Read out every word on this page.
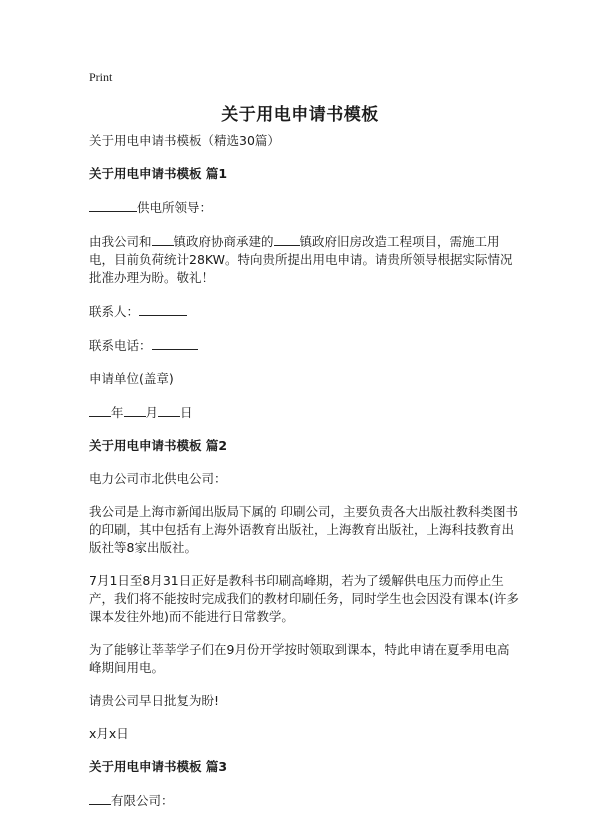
Print
关于用电申请书模板

关于用电申请书模板（精选30篇）

关于用电申请书模板 篇1

供电所领导：

由我公司和 镇政府协商承建的 镇政府旧房改造工程项目，需施工用电，目前负荷统计28KW。特向贵所提出用电申请。请贵所领导根据实际情况批准办理为盼。敬礼！

联系人：

联系电话：

申请单位(盖章)

年 月 日

关于用电申请书模板 篇2

电力公司市北供电公司：

我公司是上海市新闻出版局下属的 印刷公司，主要负责各大出版社教科类图书的印刷，其中包括有上海外语教育出版社，上海教育出版社，上海科技教育出版社等8家出版社。

7月1日至8月31日正好是教科书印刷高峰期，若为了缓解供电压力而停止生产，我们将不能按时完成我们的教材印刷任务，同时学生也会因没有课本(许多课本发往外地)而不能进行日常教学。

为了能够让莘莘学子们在9月份开学按时领取到课本，特此申请在夏季用电高峰期间用电。

请贵公司早日批复为盼!

x月x日

关于用电申请书模板 篇3

有限公司：
